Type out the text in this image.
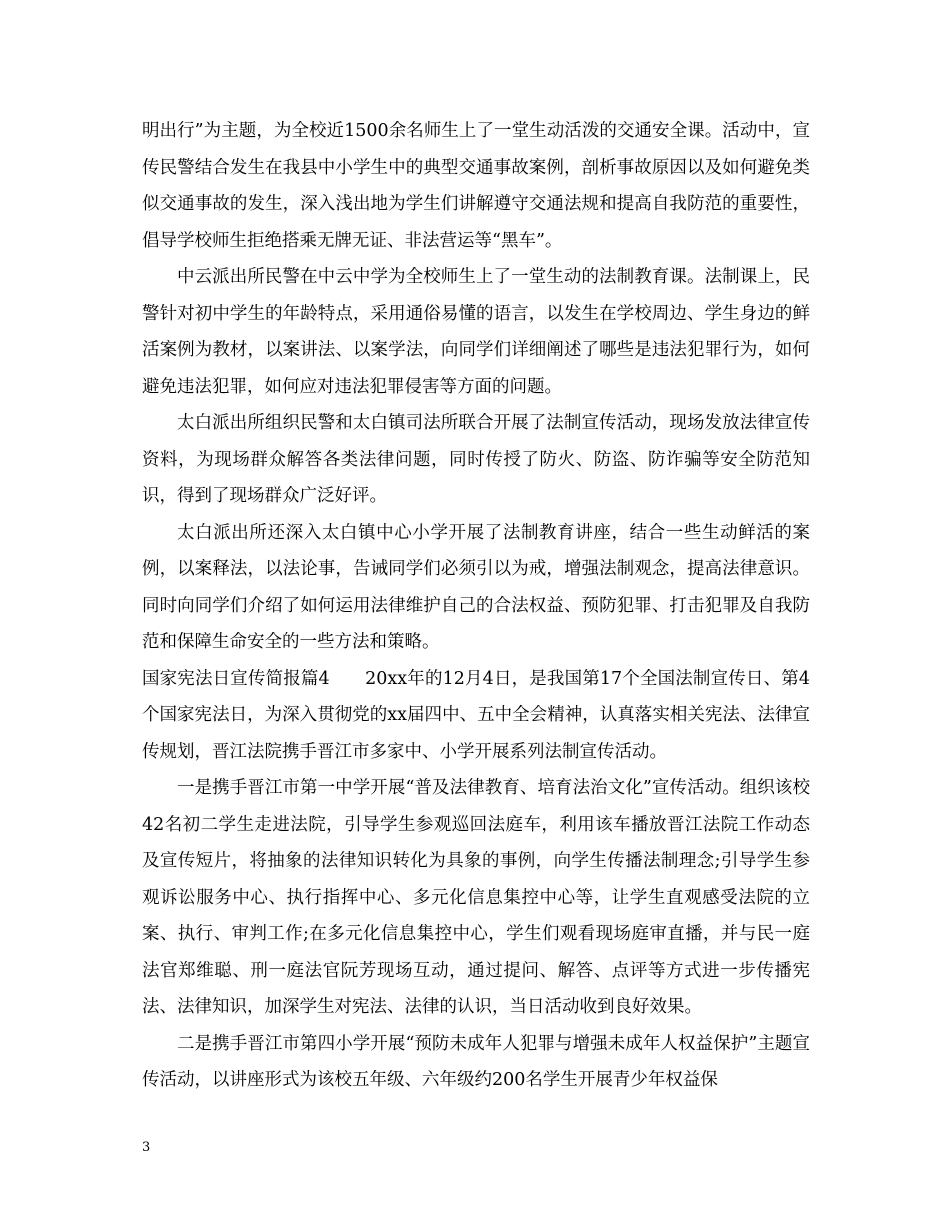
明出行”为主题，为全校近1500余名师生上了一堂生动活泼的交通安全课。活动中，宣传民警结合发生在我县中小学生中的典型交通事故案例，剖析事故原因以及如何避免类似交通事故的发生，深入浅出地为学生们讲解遵守交通法规和提高自我防范的重要性，倡导学校师生拒绝搭乘无牌无证、非法营运等“黑车”。

中云派出所民警在中云中学为全校师生上了一堂生动的法制教育课。法制课上，民警针对初中学生的年龄特点，采用通俗易懂的语言，以发生在学校周边、学生身边的鲜活案例为教材，以案讲法、以案学法，向同学们详细阐述了哪些是违法犯罪行为，如何避免违法犯罪，如何应对违法犯罪侵害等方面的问题。

太白派出所组织民警和太白镇司法所联合开展了法制宣传活动，现场发放法律宣传资料，为现场群众解答各类法律问题，同时传授了防火、防盗、防诈骗等安全防范知识，得到了现场群众广泛好评。

太白派出所还深入太白镇中心小学开展了法制教育讲座，结合一些生动鲜活的案例，以案释法，以法论事，告诫同学们必须引以为戒，增强法制观念，提高法律意识。同时向同学们介绍了如何运用法律维护自己的合法权益、预防犯罪、打击犯罪及自我防范和保障生命安全的一些方法和策略。

国家宪法日宣传简报篇4　　20xx年的12月4日，是我国第17个全国法制宣传日、第4个国家宪法日，为深入贯彻党的xx届四中、五中全会精神，认真落实相关宪法、法律宣传规划，晋江法院携手晋江市多家中、小学开展系列法制宣传活动。

一是携手晋江市第一中学开展“普及法律教育、培育法治文化”宣传活动。组织该校42名初二学生走进法院，引导学生参观巡回法庭车，利用该车播放晋江法院工作动态及宣传短片，将抽象的法律知识转化为具象的事例，向学生传播法制理念;引导学生参观诉讼服务中心、执行指挥中心、多元化信息集控中心等，让学生直观感受法院的立案、执行、审判工作;在多元化信息集控中心，学生们观看现场庭审直播，并与民一庭法官郑维聪、刑一庭法官阮芳现场互动，通过提问、解答、点评等方式进一步传播宪法、法律知识，加深学生对宪法、法律的认识，当日活动收到良好效果。

二是携手晋江市第四小学开展“预防未成年人犯罪与增强未成年人权益保护”主题宣传活动，以讲座形式为该校五年级、六年级约200名学生开展青少年权益保

3
